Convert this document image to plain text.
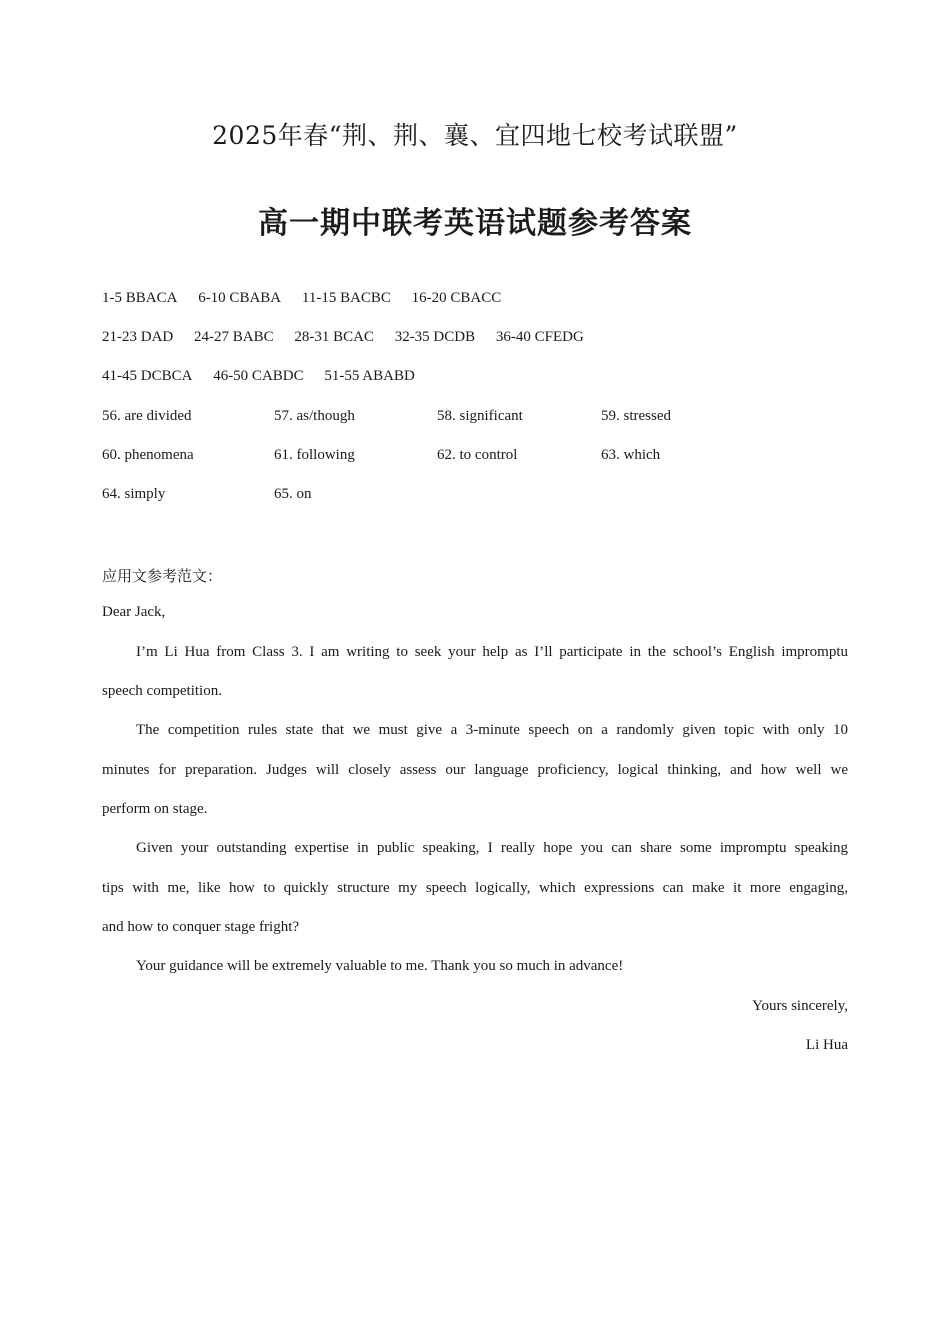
2025年春“荆、荆、襄、宜四地七校考试联盟”
高一期中联考英语试题参考答案
1-5 BBACA 6-10 CBABA 11-15 BACBC 16-20 CBACC
21-23 DAD 24-27 BABC 28-31 BCAC 32-35 DCDB 36-40 CFEDG
41-45 DCBCA 46-50 CABDC 51-55 ABABD
56. are divided	57. as/though	58. significant	59. stressed
60. phenomena	61. following	62. to control	63. which
64. simply	65. on
应用文参考范文：
Dear Jack,
I’m Li Hua from Class 3. I am writing to seek your help as I’ll participate in the school’s English impromptu
speech competition.
The competition rules state that we must give a 3-minute speech on a randomly given topic with only 10
minutes for preparation. Judges will closely assess our language proficiency, logical thinking, and how well we
perform on stage.
Given your outstanding expertise in public speaking, I really hope you can share some impromptu speaking
tips with me, like how to quickly structure my speech logically, which expressions can make it more engaging,
and how to conquer stage fright?
Your guidance will be extremely valuable to me. Thank you so much in advance!
Yours sincerely,
Li Hua
